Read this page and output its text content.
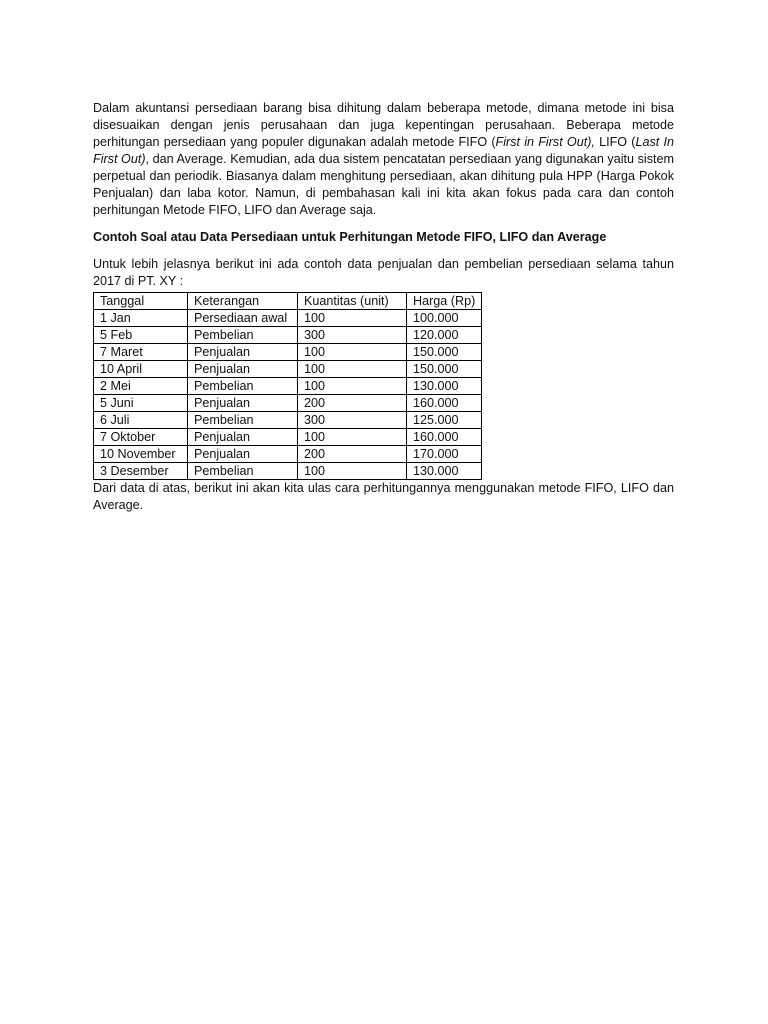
Dalam akuntansi persediaan barang bisa dihitung dalam beberapa metode, dimana metode ini bisa disesuaikan dengan jenis perusahaan dan juga kepentingan perusahaan. Beberapa metode perhitungan persediaan yang populer digunakan adalah metode FIFO (First in First Out), LIFO (Last In First Out), dan Average. Kemudian, ada dua sistem pencatatan persediaan yang digunakan yaitu sistem perpetual dan periodik. Biasanya dalam menghitung persediaan, akan dihitung pula HPP (Harga Pokok Penjualan) dan laba kotor. Namun, di pembahasan kali ini kita akan fokus pada cara dan contoh perhitungan Metode FIFO, LIFO dan Average saja.

Contoh Soal atau Data Persediaan untuk Perhitungan Metode FIFO, LIFO dan Average

Untuk lebih jelasnya berikut ini ada contoh data penjualan dan pembelian persediaan selama tahun 2017 di PT. XY :

Tanggal	Keterangan	Kuantitas (unit)	Harga (Rp)
1 Jan	Persediaan awal	100	100.000
5 Feb	Pembelian	300	120.000
7 Maret	Penjualan	100	150.000
10 April	Penjualan	100	150.000
2 Mei	Pembelian	100	130.000
5 Juni	Penjualan	200	160.000
6 Juli	Pembelian	300	125.000
7 Oktober	Penjualan	100	160.000
10 November	Penjualan	200	170.000
3 Desember	Pembelian	100	130.000

Dari data di atas, berikut ini akan kita ulas cara perhitungannya menggunakan metode FIFO, LIFO dan Average.
